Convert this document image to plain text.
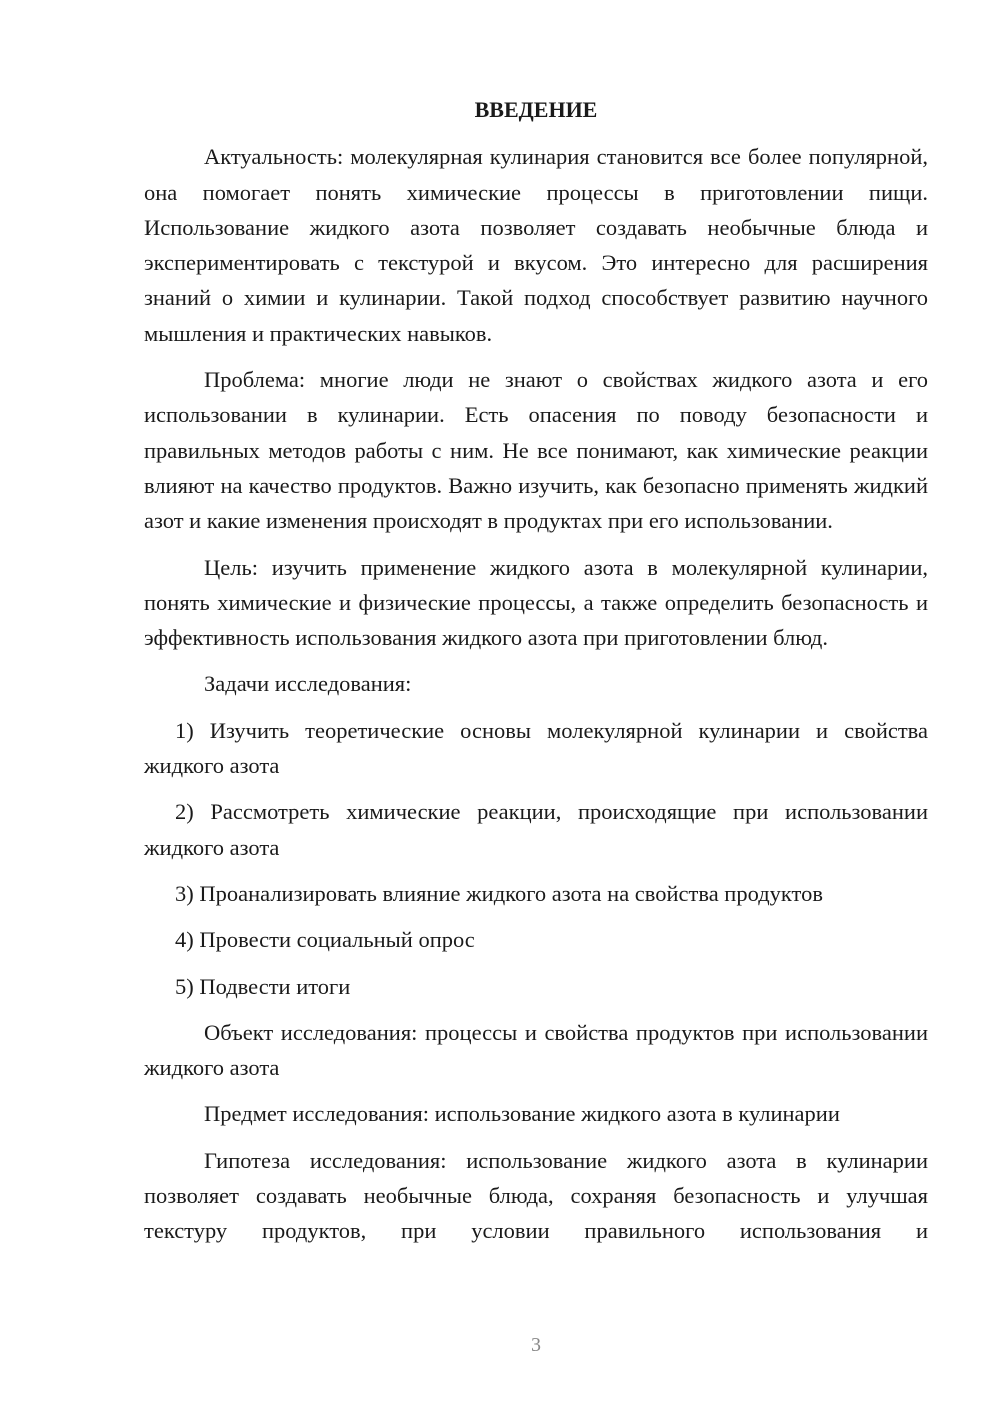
ВВЕДЕНИЕ

Актуальность: молекулярная кулинария становится все более популярной, она помогает понять химические процессы в приготовлении пищи. Использование жидкого азота позволяет создавать необычные блюда и экспериментировать с текстурой и вкусом. Это интересно для расширения знаний о химии и кулинарии. Такой подход способствует развитию научного мышления и практических навыков.

Проблема: многие люди не знают о свойствах жидкого азота и его использовании в кулинарии. Есть опасения по поводу безопасности и правильных методов работы с ним. Не все понимают, как химические реакции влияют на качество продуктов. Важно изучить, как безопасно применять жидкий азот и какие изменения происходят в продуктах при его использовании.

Цель: изучить применение жидкого азота в молекулярной кулинарии, понять химические и физические процессы, а также определить безопасность и эффективность использования жидкого азота при приготовлении блюд.

Задачи исследования:

1) Изучить теоретические основы молекулярной кулинарии и свойства жидкого азота

2) Рассмотреть химические реакции, происходящие при использовании жидкого азота

3) Проанализировать влияние жидкого азота на свойства продуктов

4) Провести социальный опрос

5) Подвести итоги

Объект исследования: процессы и свойства продуктов при использовании жидкого азота

Предмет исследования: использование жидкого азота в кулинарии

Гипотеза исследования: использование жидкого азота в кулинарии позволяет создавать необычные блюда, сохраняя безопасность и улучшая текстуру продуктов, при условии правильного использования и

3
